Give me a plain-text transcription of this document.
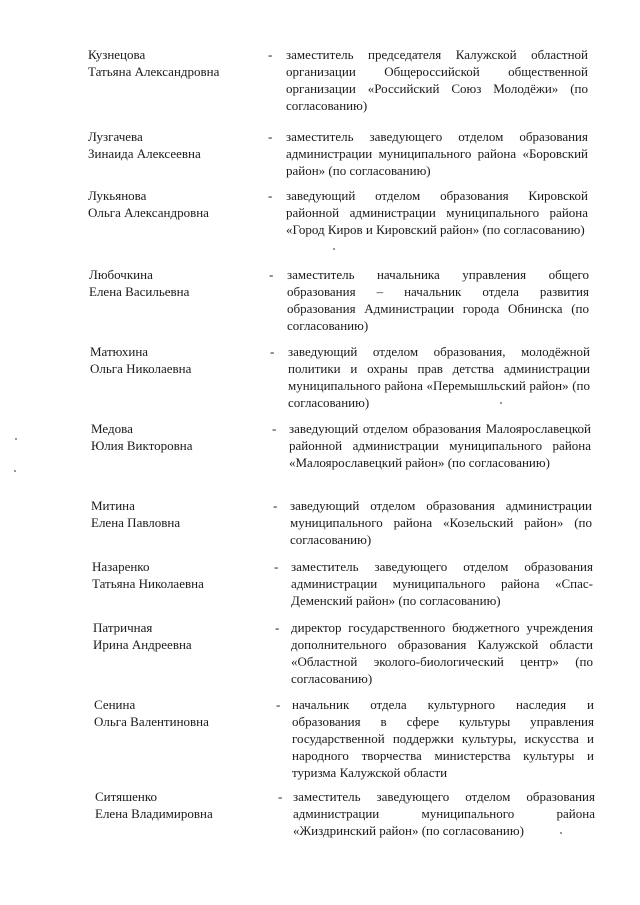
Кузнецова
Татьяна Александровна
- заместитель председателя Калужской областной организации Общероссийской общественной организации «Российский Союз Молодёжи» (по согласованию)
Лузгачева
Зинаида Алексеевна
- заместитель заведующего отделом образования администрации муниципального района «Боровский район» (по согласованию)
Лукьянова
Ольга Александровна
- заведующий отделом образования Кировской районной администрации муниципального района «Город Киров и Кировский район» (по согласованию)
Любочкина
Елена Васильевна
- заместитель начальника управления общего образования – начальник отдела развития образования Администрации города Обнинска (по согласованию)
Матюхина
Ольга Николаевна
- заведующий отделом образования, молодёжной политики и охраны прав детства администрации муниципального района «Перемышльский район» (по согласованию)
Медова
Юлия Викторовна
- заведующий отделом образования Малоярославецкой районной администрации муниципального района «Малоярославецкий район» (по согласованию)
Митина
Елена Павловна
- заведующий отделом образования администрации муниципального района «Козельский район» (по согласованию)
Назаренко
Татьяна Николаевна
- заместитель заведующего отделом образования администрации муниципального района «Спас-Деменский район» (по согласованию)
Патричная
Ирина Андреевна
- директор государственного бюджетного учреждения дополнительного образования Калужской области «Областной эколого-биологический центр» (по согласованию)
Сенина
Ольга Валентиновна
- начальник отдела культурного наследия и образования в сфере культуры управления государственной поддержки культуры, искусства и народного творчества министерства культуры и туризма Калужской области
Ситяшенко
Елена Владимировна
- заместитель заведующего отделом образования администрации муниципального района «Жиздринский район» (по согласованию)
